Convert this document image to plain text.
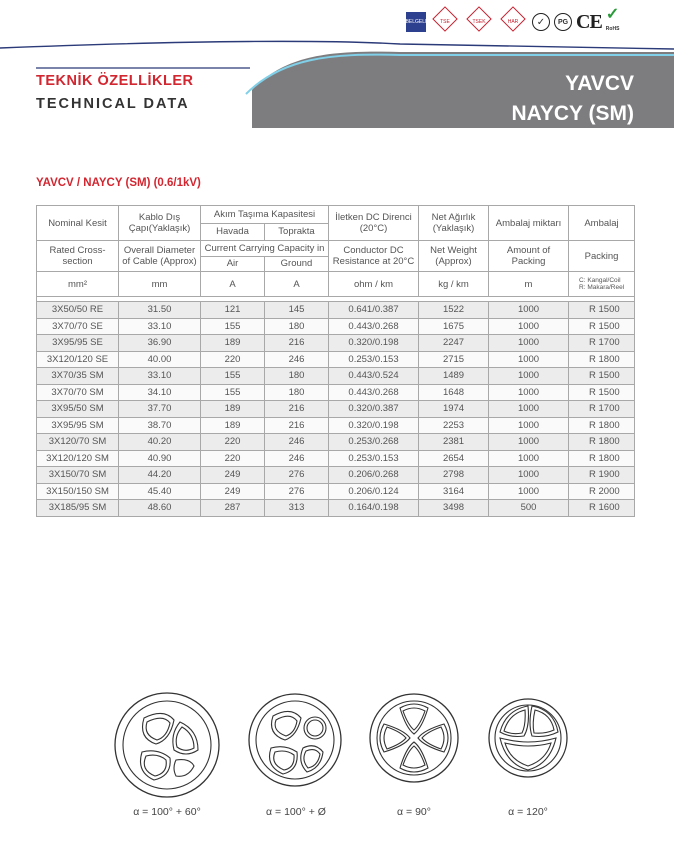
BELGELI	TSE	TSEK	HAR	✓	PG CE ✓
RoHS
TEKNİK ÖZELLİKLER
TECHNICAL DATA
YAVCV
NAYCY (SM)
YAVCV / NAYCY (SM) (0.6/1kV)
Nominal Kesit	Kablo Dış Çapı(Yaklaşık)	Akım Taşıma Kapasitesi		İletken DC Direnci (20°C)	Net Ağırlık (Yaklaşık)	Ambalaj miktarı	Ambalaj
		Havada	Toprakta				
Rated Cross-section	Overall Diameter of Cable (Approx)	Current Carrying Capacity in		Conductor DC Resistance at 20°C	Net Weight (Approx)	Amount of Packing	Packing
		Air	Ground				
mm²	mm	A	A	ohm / km	kg / km	m	C: Kangal/Coil
R: Makara/Reel

3X50/50 RE	31.50	121	145	0.641/0.387	1522	1000	R 1500
3X70/70 SE	33.10	155	180	0.443/0.268	1675	1000	R 1500
3X95/95 SE	36.90	189	216	0.320/0.198	2247	1000	R 1700
3X120/120 SE	40.00	220	246	0.253/0.153	2715	1000	R 1800
3X70/35 SM	33.10	155	180	0.443/0.524	1489	1000	R 1500
3X70/70 SM	34.10	155	180	0.443/0.268	1648	1000	R 1500
3X95/50 SM	37.70	189	216	0.320/0.387	1974	1000	R 1700
3X95/95 SM	38.70	189	216	0.320/0.198	2253	1000	R 1800
3X120/70 SM	40.20	220	246	0.253/0.268	2381	1000	R 1800
3X120/120 SM	40.90	220	246	0.253/0.153	2654	1000	R 1800
3X150/70 SM	44.20	249	276	0.206/0.268	2798	1000	R 1900
3X150/150 SM	45.40	249	276	0.206/0.124	3164	1000	R 2000
3X185/95 SM	48.60	287	313	0.164/0.198	3498	500	R 1600
α = 100° + 60°	α = 100° + Ø	α = 90°	α = 120°
